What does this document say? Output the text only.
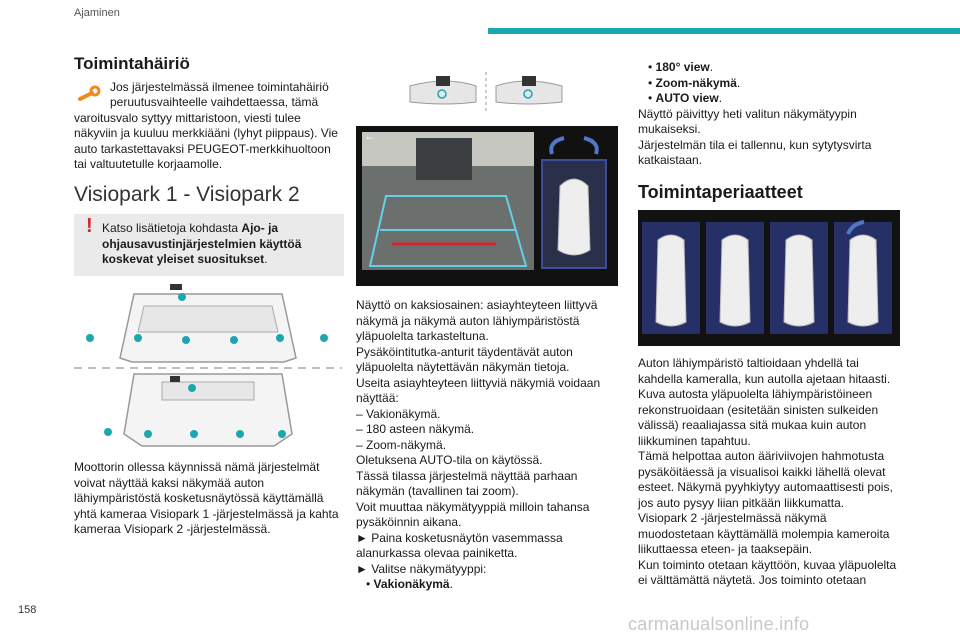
Ajaminen
Toimintahäiriö
Jos järjestelmässä ilmenee toimintahäiriö
peruutusvaihteelle vaihdettaessa, tämä
varoitusvalo syttyy mittaristoon, viesti tulee näkyviin ja kuuluu merkkiääni (lyhyt piippaus). Vie auto tarkastettavaksi PEUGEOT-merkkihuoltoon tai valtuutetulle korjaamolle.
Visiopark 1 - Visiopark 2
! Katso lisätietoja kohdasta Ajo- ja ohjausavustinjärjestelmien käyttöä koskevat yleiset suositukset.

Moottorin ollessa käynnissä nämä järjestelmät voivat näyttää kaksi näkymää auton lähiympäristöstä kosketusnäytössä käyttämällä yhtä kameraa Visiopark 1 -järjestelmässä ja kahta kameraa Visiopark 2 -järjestelmässä.

←

Näyttö on kaksiosainen: asiayhteyteen liittyvä näkymä ja näkymä auton lähiympäristöstä yläpuolelta tarkasteltuna.

Pysäköintitutka-anturit täydentävät auton yläpuolelta näytettävän näkymän tietoja.

Useita asiayhteyteen liittyviä näkymiä voidaan näyttää:

– Vakionäkymä.

– 180 asteen näkymä.

– Zoom-näkymä.

Oletuksena AUTO-tila on käytössä.

Tässä tilassa järjestelmä näyttää parhaan näkymän (tavallinen tai zoom).

Voit muuttaa näkymätyyppiä milloin tahansa pysäköinnin aikana.

► Paina kosketusnäytön vasemmassa alanurkassa olevaa painiketta.

► Valitse näkymätyyppi:

• Vakionäkymä.
• 180° view.
• Zoom-näkymä.
• AUTO view.

Näyttö päivittyy heti valitun näkymätyypin mukaiseksi.

Järjestelmän tila ei tallennu, kun sytytysvirta katkaistaan.

Toimintaperiaatteet

Auton lähiympäristö taltioidaan yhdellä tai kahdella kameralla, kun autolla ajetaan hitaasti. Kuva autosta yläpuolelta lähiympäristöineen rekonstruoidaan (esitetään sinisten sulkeiden välissä) reaaliajassa sitä mukaa kuin auton liikkuminen tapahtuu.

Tämä helpottaa auton ääriviivojen hahmotusta pysäköitäessä ja visualisoi kaikki lähellä olevat esteet. Näkymä pyyhkiytyy automaattisesti pois, jos auto pysyy liian pitkään liikkumatta.

Visiopark 2 -järjestelmässä näkymä muodostetaan käyttämällä molempia kameroita liikuttaessa eteen- ja taaksepäin.

Kun toiminto otetaan käyttöön, kuvaa yläpuolelta ei välttämättä näytetä. Jos toiminto otetaan

158
carmanualsonline.info
